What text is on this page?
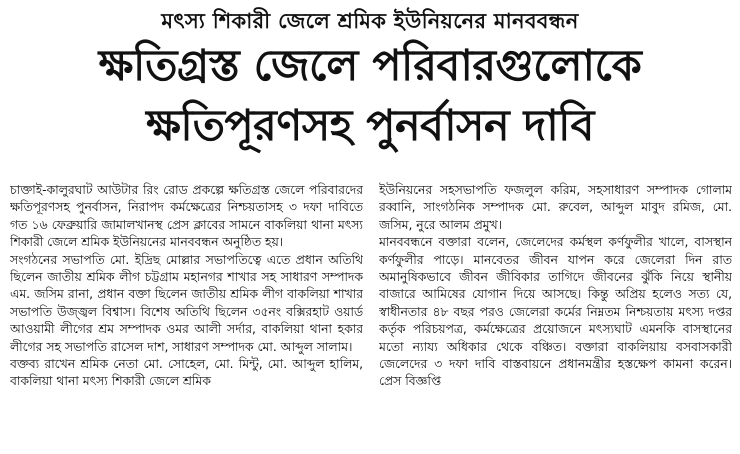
মৎস্য শিকারী জেলে শ্রমিক ইউনিয়নের মানববন্ধন
ক্ষতিগ্রস্ত জেলে পরিবারগুলোকে
ক্ষতিপূরণসহ পুনর্বাসন দাবি

চাক্তাই-কালুরঘাট আউটার রিং রোড প্রকল্পে ক্ষতিগ্রস্ত জেলে পরিবারদের ক্ষতিপূরণসহ পুনর্বাসন, নিরাপদ কর্মক্ষেত্রের নিশ্চয়তাসহ ৩ দফা দাবিতে গত ১৬ ফেব্রুয়ারি জামালখানস্থ প্রেস ক্লাবের সামনে বাকলিয়া থানা মৎস্য শিকারী জেলে শ্রমিক ইউনিয়নের মানববন্ধন অনুষ্ঠিত হয়।

সংগঠনের সভাপতি মো. ইদ্রিছ মোল্লার সভাপতিত্বে এতে প্রধান অতিথি ছিলেন জাতীয় শ্রমিক লীগ চট্টগ্রাম মহানগর শাখার সহ সাধারণ সম্পাদক এম. জসিম রানা, প্রধান বক্তা ছিলেন জাতীয় শ্রমিক লীগ বাকলিয়া শাখার সভাপতি উজ্জ্বল বিশ্বাস। বিশেষ অতিথি ছিলেন ৩৫নং বক্সিরহাট ওয়ার্ড আওয়ামী লীগের শ্রম সম্পাদক ওমর আলী সর্দার, বাকলিয়া থানা হকার লীগের সহ সভাপতি রাসেল দাশ, সাধারণ সম্পাদক মো. আব্দুল সালাম।

বক্তব্য রাখেন শ্রমিক নেতা মো. সোহেল, মো. মিন্টু, মো. আব্দুল হালিম, বাকলিয়া থানা মৎস্য শিকারী জেলে শ্রমিক

ইউনিয়নের সহসভাপতি ফজলুল করিম, সহসাধারণ সম্পাদক গোলাম রব্বানি, সাংগঠনিক সম্পাদক মো. রুবেল, আব্দুল মাবুদ রমিজ, মো. জসিম, নুরে আলম প্রমুখ।

মানববন্ধনে বক্তারা বলেন, জেলেদের কর্মস্থল কর্ণফুলীর খালে, বাসস্থান কর্ণফুলীর পাড়ে। মানবেতর জীবন যাপন করে জেলেরা দিন রাত অমানুষিকভাবে জীবন জীবিকার তাগিদে জীবনের ঝুঁকি নিয়ে স্থানীয় বাজারে আমিষের যোগান দিয়ে আসছে। কিন্তু অপ্রিয় হলেও সত্য যে, স্বাধীনতার ৪৮ বছর পরও জেলেরা কর্মের নিম্নতম নিশ্চয়তায় মৎস্য দপ্তর কর্তৃক পরিচয়পত্র, কর্মক্ষেত্রের প্রয়োজনে মৎস্যঘাট এমনকি বাসস্থানের মতো ন্যায্য অধিকার থেকে বঞ্চিত। বক্তারা বাকলিয়ায় বসবাসকারী জেলেদের ৩ দফা দাবি বাস্তবায়নে প্রধানমন্ত্রীর হস্তক্ষেপ কামনা করেন। প্রেস বিজ্ঞপ্তি
